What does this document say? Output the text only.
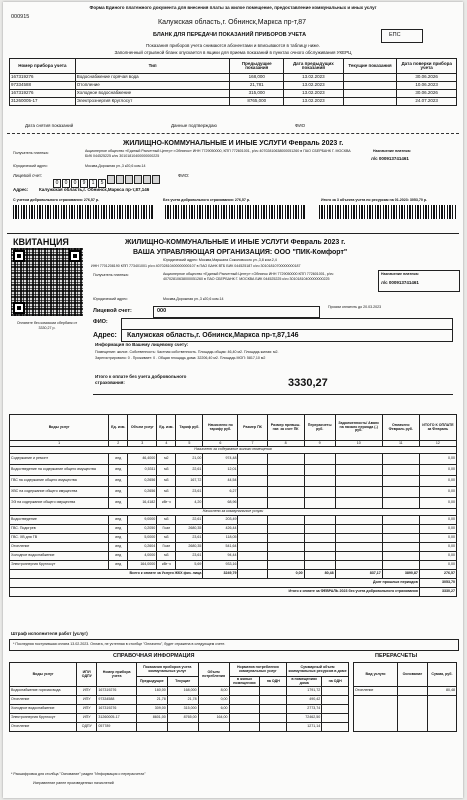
Форма Единого платежного документа для внесения платы за жилое помещение, предоставление коммунальных и иных услуг
000915
Калужская область,г. Обнинск,Маркса пр-т,87
БЛАНК ДЛЯ ПЕРЕДАЧИ ПОКАЗАНИЙ ПРИБОРОВ УЧЕТА	ЕПС
Показания приборов учета снимаются абонентами и вписываются в таблицу ниже.
Заполненный отрывной бланк опускается в ящики для приема показаний в пунктах очного обслуживания УКЕРЦ
Номер прибора учета	Тип	Предыдущие показания	Дата предыдущих показаний	Текущие показания	Дата поверки прибора учета
167319276	Водоснабжение горячая вода	168,000	13.02.2023		30.06.2026
97334588	Отопление	21,781	13.02.2023		10.06.2023
167319276	Холодное водоснабжение	315,000	13.02.2023		30.06.2026
31260005-17	Электроэнергия Круглосут	8765,000	13.02.2023		24.07.2023
Дата снятия показаний	Данные подтверждаю	ФИО
ЖИЛИЩНО-КОММУНАЛЬНЫЕ И ИНЫЕ УСЛУГИ Февраль 2023 г.
Получатель платежа:	Акционерное общество «Единый Расчетный Центр» г.Обнинск» ИНН 7729050000, КПП 772601001, р/сч 40702810638000051260 в ПАО СБЕРБАНК Г. МОСКВА БИК 044525225 к/сч 30101810400000000225
Назначение платежа:
л/с 000913741461
Юридический адрес:	Москва,Дорожная ул.,3 к20,6 ком.14
Лицевой счет:
0 0 0 9 1 5
ФИО:
Адрес: Калужская область,г. Обнинск,Маркса пр-т,87,146
С учетом добровольного страхования: 276,57 р.	Без учета добровольного страхования: 276,57 р.	Итого за 3 объекта учета по ресурсам на 01.2023: 3053,70 р.
КВИТАНЦИЯ	ЖИЛИЩНО-КОММУНАЛЬНЫЕ И ИНЫЕ УСЛУГИ Февраль 2023 г.
ВАША УПРАВЛЯЮЩАЯ ОРГАНИЗАЦИЯ: ООО "ПИК-Комфорт"
Юридический адрес: Москва,Маршала Соколовского ул.,3,8 ком.2,4
ИНН 7701208190 КПП 773401001 р/сч 40702810400000000107 в ПАО БАНК ВТБ БИК 044525187 к/сч 30101810700000000187
Оплатите без комиссии сбербанк от 3330,27 р.
Получатель платежа:	Акционерное общество «Единый Расчетный Центр» г.Обнинск ИНН 7729050000 КПП 772601001, р/сч 40702810638000051260 в ПАО СБЕРБАНК Г. МОСКВА БИК 044525225 к/сч 30101810400000000225
Назначение платежа:
л/с 000913741461
Юридический адрес:	Москва,Дорожная ул.,3 к20,6 ком.14
Просим оплатить до 20.03.2023
Лицевой счет:	000
ФИО:
Адрес: Калужская область,г. Обнинск,Маркса пр-т,87,146
Информация по Вашему лицевому счету:
Помещение: жилое. Собственность: Частная собственность. Площадь общая: 46,40 м2. Площадь жилая: м2.
Зарегистрировано: 0 . Проживает: 0 . Общая площадь дома: 32206,40 м2. Площадь МОП: 5817,10 м2
Итого к оплате без учета добровольного страхования:	3330,27
Виды услуг	Ед. изм.	Объем услуг	Ед. изм.	Тариф руб.	Начислено по тарифу руб.	Размер ПК	Размер превыш. нат. за счет ПК	Перерасчеты руб.	Задолженность/ Аванс на начало периода (-) руб.	Оплачено Февраль руб.	ИТОГО К ОПЛАТЕ за Февраль
1	2	3	4	5	6	7	8	9	10	11	12
Начислено за содержание жилого помещения											
Содержание и ремонт	инд	46,4000	м2	21,00	974,48						0,00
Водоотведение на содержание общего имущества	инд	0,5311	м3	22,61	12,01						0,00
ГВС на содержание общего имущества	инд	0,2656	м3	167,72	44,54						0,00
ХВС на содержание общего имущества	инд	0,2656	м3	23,61	6,27						0,00
ЭЭ на содержание общего имущества	инд	16,4182	кВт·ч	4,20	68,96						0,00
Начислено за коммунальные услуги											
Водоотведение	инд	9,0000	м3	22,61	203,49						0,00
ГВС. Подогрев	инд	0,2050	Гкал	2680,35	426,44						0,00
ГВС. ХВ для ГВ	инд	5,0000	м3	23,61	118,05						0,00
Отопление	инд	0,2604	Гкал	2680,35	541,64						0,00
Холодное водоснабжение	инд	4,0000	м3	23,61	94,44						0,00
Электроэнергия Круглосут	инд	164,0000	кВт·ч	5,69	933,16						0,00
Всего к оплате за Услуги ЖКХ физ. лица					3249,79		0,00	80,48	837,17	3890,87	276,57
Долг прошлых периодов											3053,70
Итого к оплате за ФЕВРАЛЬ 2023 без учета добровольного страхования											3330,27
Штраф исполнителя работ (услуг)
* Последняя поступившая оплата 13.02.2023. Оплата, не учтенная в столбце "Оплачено", будет отражена в следующем счете.
СПРАВОЧНАЯ ИНФОРМАЦИЯ	ПЕРЕРАСЧЕТЫ
Виды услуг	ИПУ/ ОДПУ	Номер прибора учета	Показания приборов учета коммунальных услуг		Объем потребления	Норматив потребления коммунальных услуг		Суммарный объем коммунальных ресурсов в доме	
			Предыдущие	Текущие		в жилых помещениях	на ОДН	в помещениях дома	на ОДН
Водоснабжение горячая вода	ИПУ	167319276	160,00	168,000	8,00			1791,72	
Отопление	ИПУ	97334588	21,78	21,78	0,00			490,42	
Холодное водоснабжение	ИПУ	167319276	309,00	315,000	6,00			2773,74	
Электроэнергия Круглосут	ИПУ	31260005-17	8601,00	8765,00	164,00			72462,50	
Отопление	ОДПУ	057789						1271,14	
Вид услуги	Основание	Сумма, руб.
Отопление		80,48

* Расшифровка для столбца "Основание" раздел "Информация о перерасчетах"
Исправление ранее произведенных начислений
